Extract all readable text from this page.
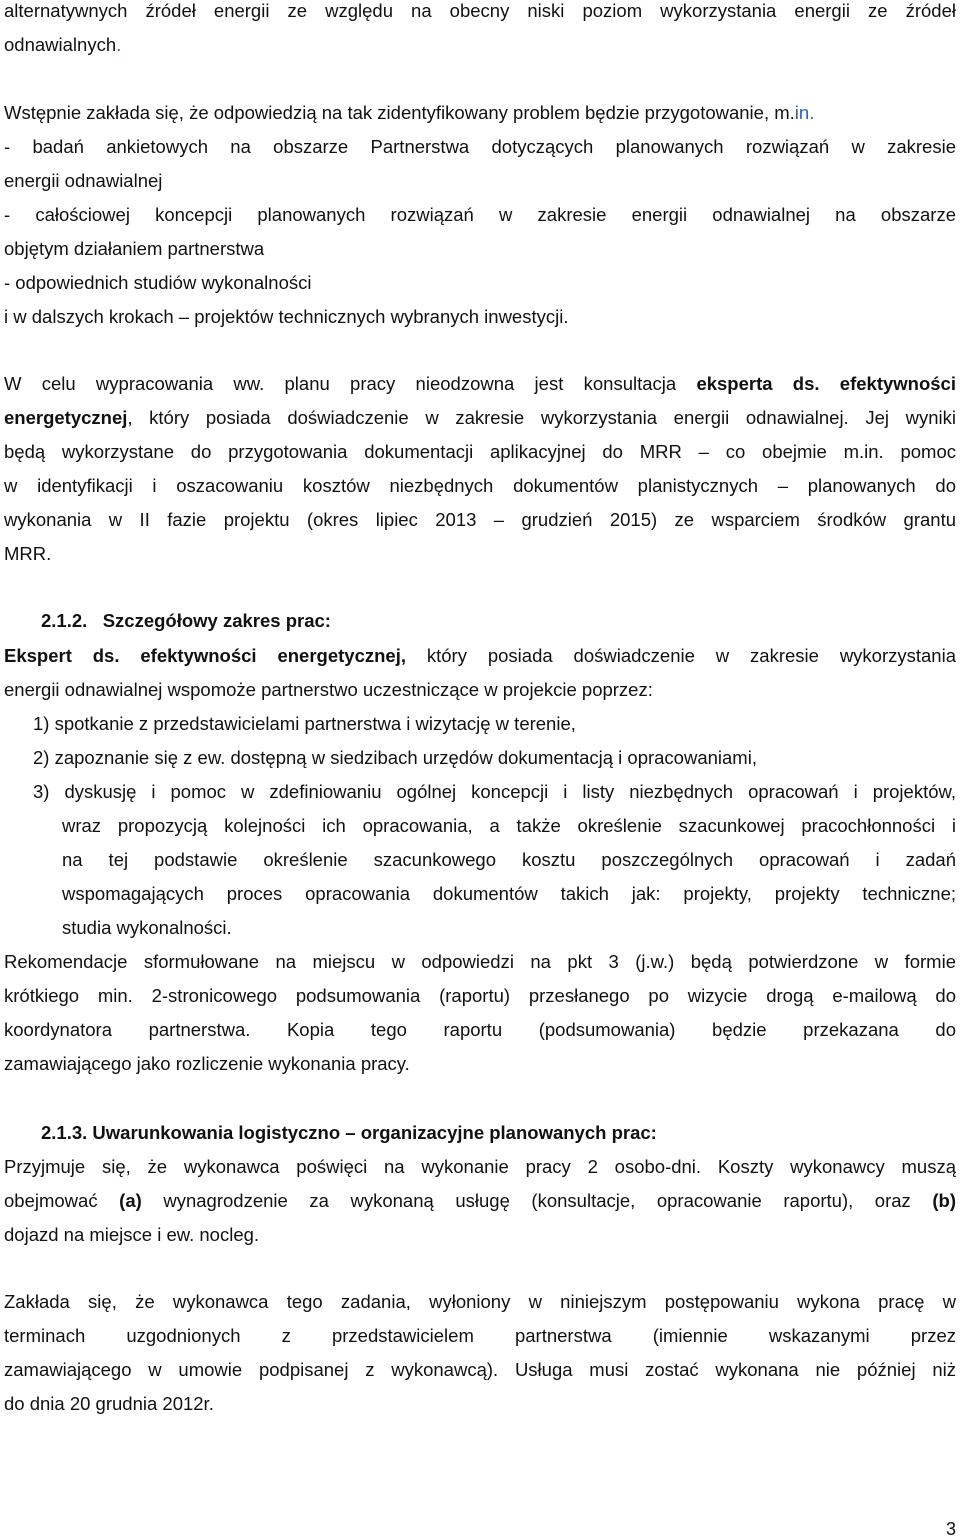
alternatywnych źródeł energii ze względu na obecny niski poziom wykorzystania energii ze źródeł
odnawialnych.
Wstępnie zakłada się, że odpowiedzią na tak zidentyfikowany problem będzie przygotowanie, m.in.
- badań ankietowych na obszarze Partnerstwa dotyczących planowanych rozwiązań w zakresie
energii odnawialnej
- całościowej koncepcji planowanych rozwiązań w zakresie energii odnawialnej na obszarze
objętym działaniem partnerstwa
- odpowiednich studiów wykonalności
i w dalszych krokach – projektów technicznych wybranych inwestycji.
W celu wypracowania ww. planu pracy nieodzowna jest konsultacja eksperta ds. efektywności
energetycznej, który posiada doświadczenie w zakresie wykorzystania energii odnawialnej. Jej wyniki
będą wykorzystane do przygotowania dokumentacji aplikacyjnej do MRR – co obejmie m.in. pomoc
w identyfikacji i oszacowaniu kosztów niezbędnych dokumentów planistycznych – planowanych do
wykonania w II fazie projektu (okres lipiec 2013 – grudzień 2015) ze wsparciem środków grantu
MRR.
2.1.2.   Szczegółowy zakres prac:
Ekspert ds. efektywności energetycznej, który posiada doświadczenie w zakresie wykorzystania
energii odnawialnej wspomoże partnerstwo uczestniczące w projekcie poprzez:
1) spotkanie z przedstawicielami partnerstwa i wizytację w terenie,
2) zapoznanie się z ew. dostępną w siedzibach urzędów dokumentacją i opracowaniami,
3) dyskusję i pomoc w zdefiniowaniu ogólnej koncepcji i listy niezbędnych opracowań i projektów,
wraz propozycją kolejności ich opracowania, a także określenie szacunkowej pracochłonności i
na tej podstawie określenie szacunkowego kosztu poszczególnych opracowań i zadań
wspomagających proces opracowania dokumentów takich jak: projekty, projekty techniczne;
studia wykonalności.
Rekomendacje sformułowane na miejscu w odpowiedzi na pkt 3 (j.w.) będą potwierdzone w formie
krótkiego min. 2-stronicowego podsumowania (raportu) przesłanego po wizycie drogą e-mailową do
koordynatora partnerstwa. Kopia tego raportu (podsumowania) będzie przekazana do
zamawiającego jako rozliczenie wykonania pracy.
2.1.3. Uwarunkowania logistyczno – organizacyjne planowanych prac:
Przyjmuje się, że wykonawca poświęci na wykonanie pracy 2 osobo-dni. Koszty wykonawcy muszą
obejmować (a) wynagrodzenie za wykonaną usługę (konsultacje, opracowanie raportu), oraz (b)
dojazd na miejsce i ew. nocleg.
Zakłada się, że wykonawca tego zadania, wyłoniony w niniejszym postępowaniu wykona pracę w
terminach uzgodnionych z przedstawicielem partnerstwa (imiennie wskazanymi przez
zamawiającego w umowie podpisanej z wykonawcą). Usługa musi zostać wykonana nie później niż
do dnia 20 grudnia 2012r.
3
